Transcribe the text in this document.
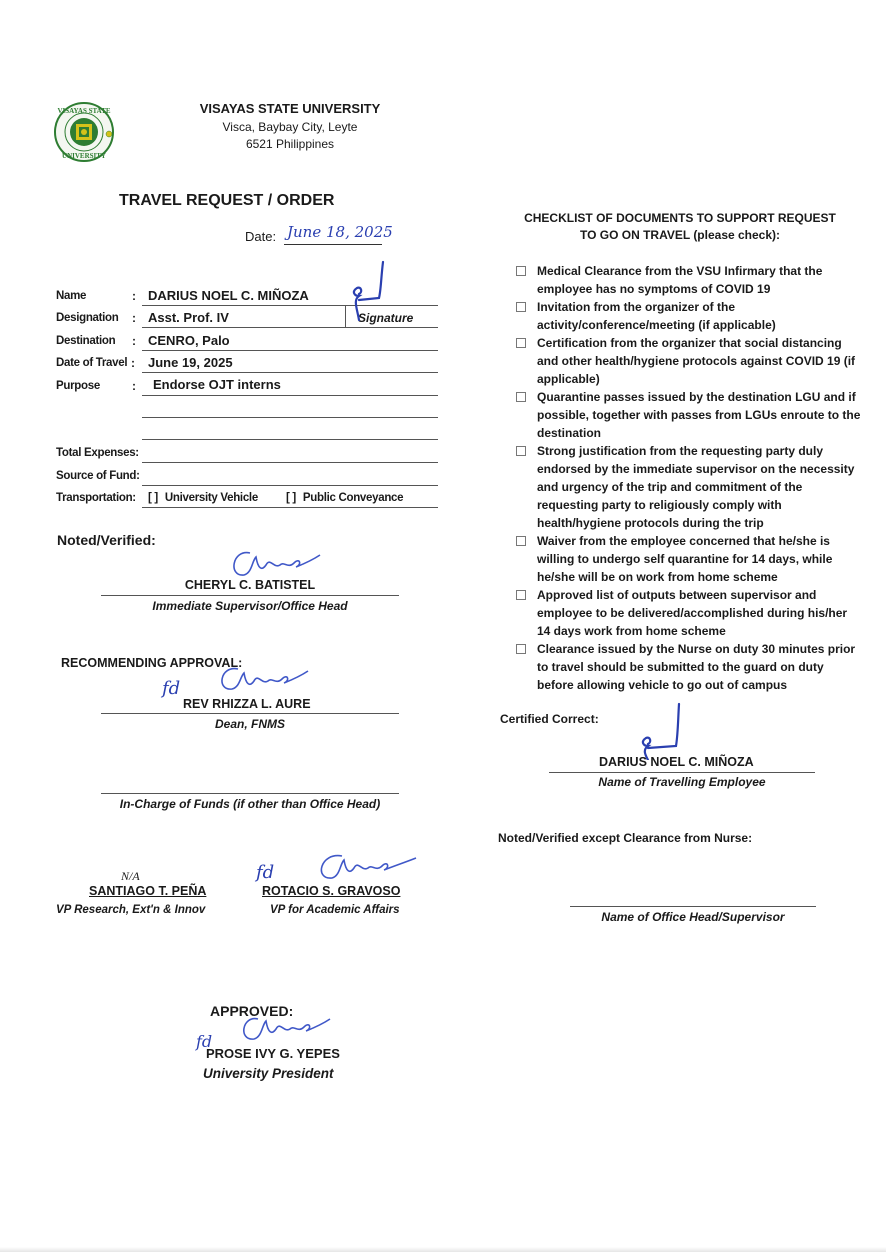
VISAYAS STATE
UNIVERSITY
VISAYAS STATE UNIVERSITY
Visca, Baybay City, Leyte
6521 Philippines
TRAVEL REQUEST / ORDER
Date: June 18, 2025
Name	: DARIUS NOEL C. MIÑOZA
Signature
Designation : Asst. Prof. IV
Destination : CENRO, Palo
Date of Travel : June 19, 2025
Purpose	: Endorse OJT interns
Total Expenses:
Source of Fund:
Transportation: [ ] University Vehicle [ ] Public Conveyance
Noted/Verified:
CHERYL C. BATISTEL
Immediate Supervisor/Office Head
RECOMMENDING APPROVAL:
fd
REV RHIZZA L. AURE
Dean, FNMS
In-Charge of Funds (if other than Office Head)
N/A
SANTIAGO T. PEÑA
VP Research, Ext'n & Innov
fd
ROTACIO S. GRAVOSO
VP for Academic Affairs
APPROVED:
fd
PROSE IVY G. YEPES
University President
CHECKLIST OF DOCUMENTS TO SUPPORT REQUEST
TO GO ON TRAVEL (please check):
Medical Clearance from the VSU Infirmary that the employee has no symptoms of COVID 19
Invitation from the organizer of the activity/conference/meeting (if applicable)
Certification from the organizer that social distancing and other health/hygiene protocols against COVID 19 (if applicable)
Quarantine passes issued by the destination LGU and if possible, together with passes from LGUs enroute to the destination
Strong justification from the requesting party duly endorsed by the immediate supervisor on the necessity and urgency of the trip and commitment of the requesting party to religiously comply with health/hygiene protocols during the trip
Waiver from the employee concerned that he/she is willing to undergo self quarantine for 14 days, while he/she will be on work from home scheme
Approved list of outputs between supervisor and employee to be delivered/accomplished during his/her 14 days work from home scheme
Clearance issued by the Nurse on duty 30 minutes prior to travel should be submitted to the guard on duty before allowing vehicle to go out of campus
Certified Correct:
DARIUS NOEL C. MIÑOZA
Name of Travelling Employee
Noted/Verified except Clearance from Nurse:
Name of Office Head/Supervisor
